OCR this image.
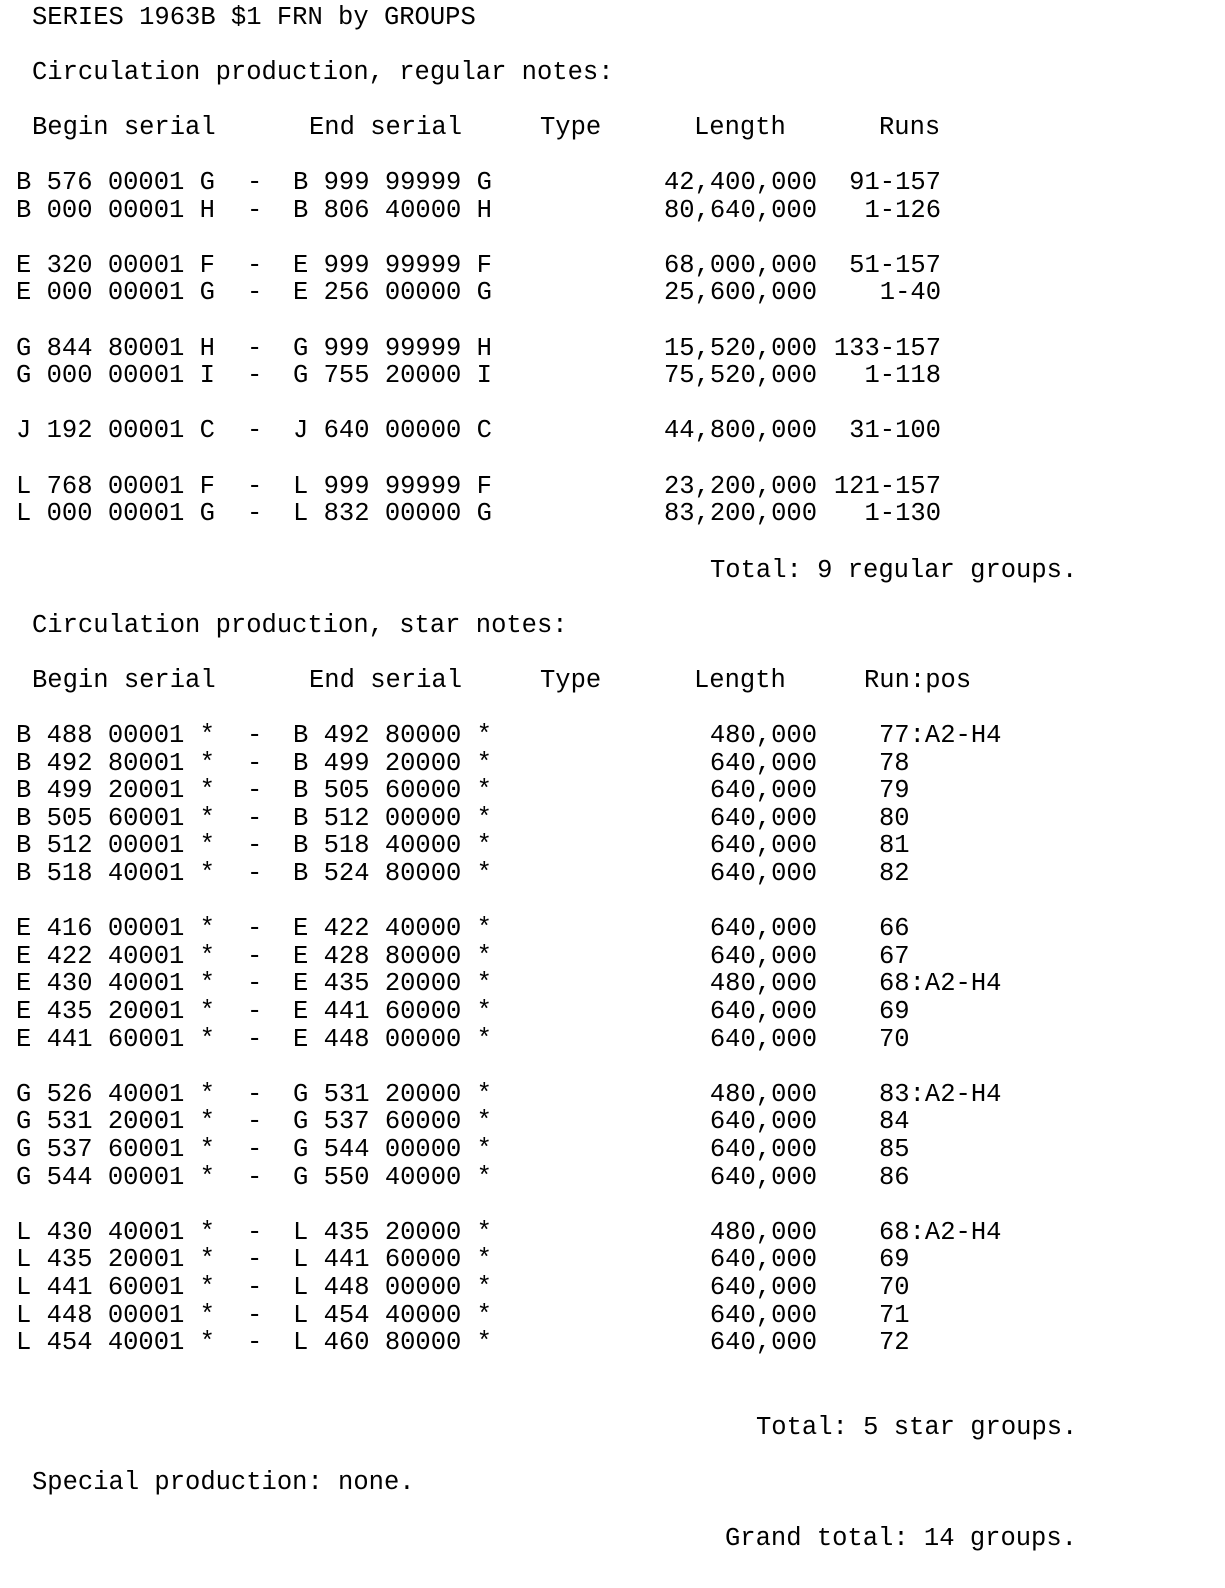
SERIES 1963B $1 FRN by GROUPS
Circulation production, regular notes:
Begin serial	End serial	Type	Length	Runs
B 576 00001 G - B 999 99999 G	42,400,000 91-157
B 000 00001 H - B 806 40000 H	80,640,000 1-126
E 320 00001 F - E 999 99999 F	68,000,000 51-157
E 000 00001 G - E 256 00000 G	25,600,000 1-40
G 844 80001 H - G 999 99999 H	15,520,000 133-157
G 000 00001 I - G 755 20000 I	75,520,000 1-118
J 192 00001 C - J 640 00000 C	44,800,000 31-100
L 768 00001 F - L 999 99999 F	23,200,000 121-157
L 000 00001 G - L 832 00000 G	83,200,000 1-130
Total: 9 regular groups.
Circulation production, star notes:
Begin serial	End serial	Type	Length	Run:pos
B 488 00001 * - B 492 80000 *	480,000 77:A2-H4
B 492 80001 * - B 499 20000 *	640,000 78
B 499 20001 * - B 505 60000 *	640,000 79
B 505 60001 * - B 512 00000 *	640,000 80
B 512 00001 * - B 518 40000 *	640,000 81
B 518 40001 * - B 524 80000 *	640,000 82
E 416 00001 * - E 422 40000 *	640,000 66
E 422 40001 * - E 428 80000 *	640,000 67
E 430 40001 * - E 435 20000 *	480,000 68:A2-H4
E 435 20001 * - E 441 60000 *	640,000 69
E 441 60001 * - E 448 00000 *	640,000 70
G 526 40001 * - G 531 20000 *	480,000 83:A2-H4
G 531 20001 * - G 537 60000 *	640,000 84
G 537 60001 * - G 544 00000 *	640,000 85
G 544 00001 * - G 550 40000 *	640,000 86
L 430 40001 * - L 435 20000 *	480,000 68:A2-H4
L 435 20001 * - L 441 60000 *	640,000 69
L 441 60001 * - L 448 00000 *	640,000 70
L 448 00001 * - L 454 40000 *	640,000 71
L 454 40001 * - L 460 80000 *	640,000 72
Total: 5 star groups.
Special production: none.
Grand total: 14 groups.
